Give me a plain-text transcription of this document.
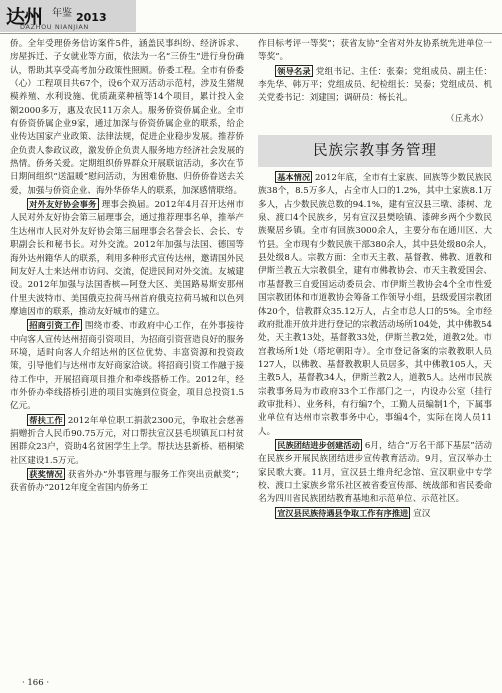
达州 年鉴 2013
DAZHOU NIANJIAN

侨。全年受理侨务信访案件5件，涵盖民事纠纷、经济诉求、房屋拆迁、子女就业等方面，依法为一名“三侨生”进行身份确认，帮助其享受高考加分政策性照顾。侨委工程。全市有侨委（心）工程项目共67个，设6个双万活动示范村，涉及生猪规模养殖、水利设施、优质蔬菜种植等14个项目，累计投入金额2000多万，惠及农民11万余人。服务侨资侨属企业。全市有侨资侨属企业9家，通过加深与侨资侨属企业的联系，给企业传达国家产业政策、法律法规，促进企业稳步发展。推荐侨企负责人参政议政，激发侨企负责人服务地方经济社会发展的热情。侨务关爱。定期组织侨界群众开展联谊活动，多次在节日期间组织“送温暖”慰问活动，为困难侨胞、归侨侨眷送去关爱，加强与侨资企业、海外华侨华人的联系，加深感情联络。

对外友好协会事务 理事会换届。2012年4月召开达州市人民对外友好协会第三届理事会，通过推荐理事名单，推举产生达州市人民对外友好协会第三届理事会名誉会长、会长、专职副会长和秘书长。对外交流。2012年加强与法国、德国等海外达州籍华人的联系，利用多种形式宣传达州，邀请国外民间友好人士来达州市访问、交流，促进民间对外交流。友城建设。2012年加强与法国香槟—阿登大区、美国路易斯安那州什里夫波特市、美国俄克拉荷马州首府俄克拉荷马城和以色列摩迪因市的联系，推动友好城市的建立。

招商引资工作 围绕市委、市政府中心工作，在外事接待中向客人宣传达州招商引资项目，为招商引资营造良好的服务环境，适时向客人介绍达州的区位优势、丰富资源和投资政策，引导他们与达州市友好商家洽谈。将招商引资工作融于接待工作中，开展招商项目推介和牵线搭桥工作。2012年，经市外侨办牵线搭桥引进的项目实施到位资金，项目总投资1.5亿元。

帮扶工作 2012年单位职工捐款2300元，争取社会慈善捐赠折合人民币90.75万元，对口帮扶宣汉县毛坝镇瓦口村贫困群众23户，资助4名贫困学生上学。帮扶达县新桥、梧桐梁社区建设1.5万元。

获奖情况 获省外办“外事管理与服务工作突出贡献奖”；获省侨办“2012年度全省国内侨务工

作目标考评一等奖”；获省友协“全省对外友协系统先进单位一等奖”。

领导名录 党组书记、主任：张秦；党组成员、副主任：李先华、韩万平；党组成员、纪检组长：吴泰；党组成员、机关党委书记：刘建国；调研员：杨长礼。

（丘兆水）
民族宗教事务管理

基本情况 2012年底，全市有土家族、回族等少数民族民族38个，8.5万多人，占全市人口的1.2%，其中土家族8.1万多人，占少数民族总数的94.1%，建有宣汉县三墩、漆树、龙泉、渡口4个民族乡，另有宣汉县樊哙镇、漆碑乡两个少数民族聚居乡镇。全市有回族3000余人，主要分布在通川区、大竹县。全市现有少数民族干部380余人，其中县处级80余人，县处级8人。宗教方面：全市天主教、基督教、佛教、道教和伊斯兰教五大宗教俱全，建有市佛教协会、市天主教爱国会、市基督教三自爱国运动委员会、市伊斯兰教协会4个全市性爱国宗教团体和市道教协会筹备工作领导小组，县级爱国宗教团体20个，信教群众35.12万人，占全市总人口的5%。全市经政府批准开放并进行登记的宗教活动场所104处，其中佛教54处，天主教13处，基督教33处，伊斯兰教2处，道教2处。市宫教场所1处（塔坨朝阳寺）。全市登记备案的宗教教职人员127人，以佛教、基督教教职人员居多，其中佛教105人，天主教5人，基督教34人，伊斯兰教2人，道教5人。达州市民族宗教事务局为市政府33个工作部门之一，内设办公室（挂行政审批科）、业务科，有行编7个，工勤人员编制1个，下属事业单位有达州市宗教事务中心，事编4个，实际在岗人员11人。

民族团结进步创建活动 6月，结合“万名干部下基层”活动在民族乡开展民族团结进步宣传教育活动。9月，宣汉举办土家民歌大赛。11月，宣汉县土维舟纪念馆、宣汉职业中专学校、渡口土家族乡常乐社区被省委宣传部、统战部和省民委命名为四川省民族团结教育基地和示范单位、示范社区。

宣汉县民族待遇县争取工作有序推进 宣汉

· 166 ·
